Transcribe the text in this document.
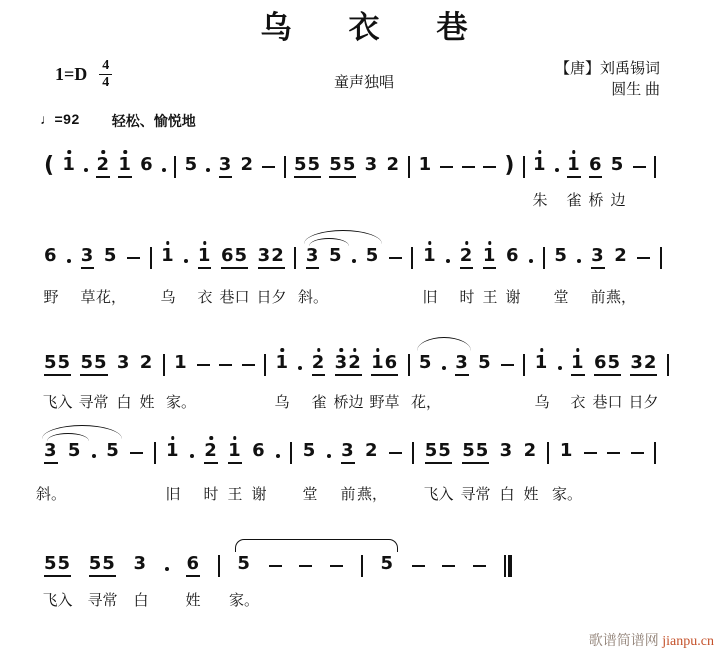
乌衣巷
$1=D \frac{4}{4}$	童声独唱
【唐】刘禹锡词
圆生 曲
♩=92 轻松、愉悦地
( 1 2 1 6 5 3 2 5 5 5 5 3 2 1	) 1 1 6 5
朱 雀 桥 边
6 3 5 1 1 6 5 3 2 3 5 5 1 2 1 6 5 3 2
野 草 花， 乌 衣 巷口 日夕 斜。	旧 时 王 谢 堂 前 燕，
5 5 5 5 3 2 1	1 2 3 2 1 6 5 3 5 1 1 6 5 3 2
飞入 寻常 白 姓 家。	乌 雀 桥边 野草 花，	乌 衣 巷口 日夕
3 5 5	1 2 1 6 5 3 2	5 5 5 5 3 2 1
斜。	旧 时 王 谢 堂 前 燕， 飞入 寻常 白 姓 家。
5 5 5 5 3 6 5	5
飞入 寻常 白 姓 家。
歌谱简谱网 jianpu.cn
